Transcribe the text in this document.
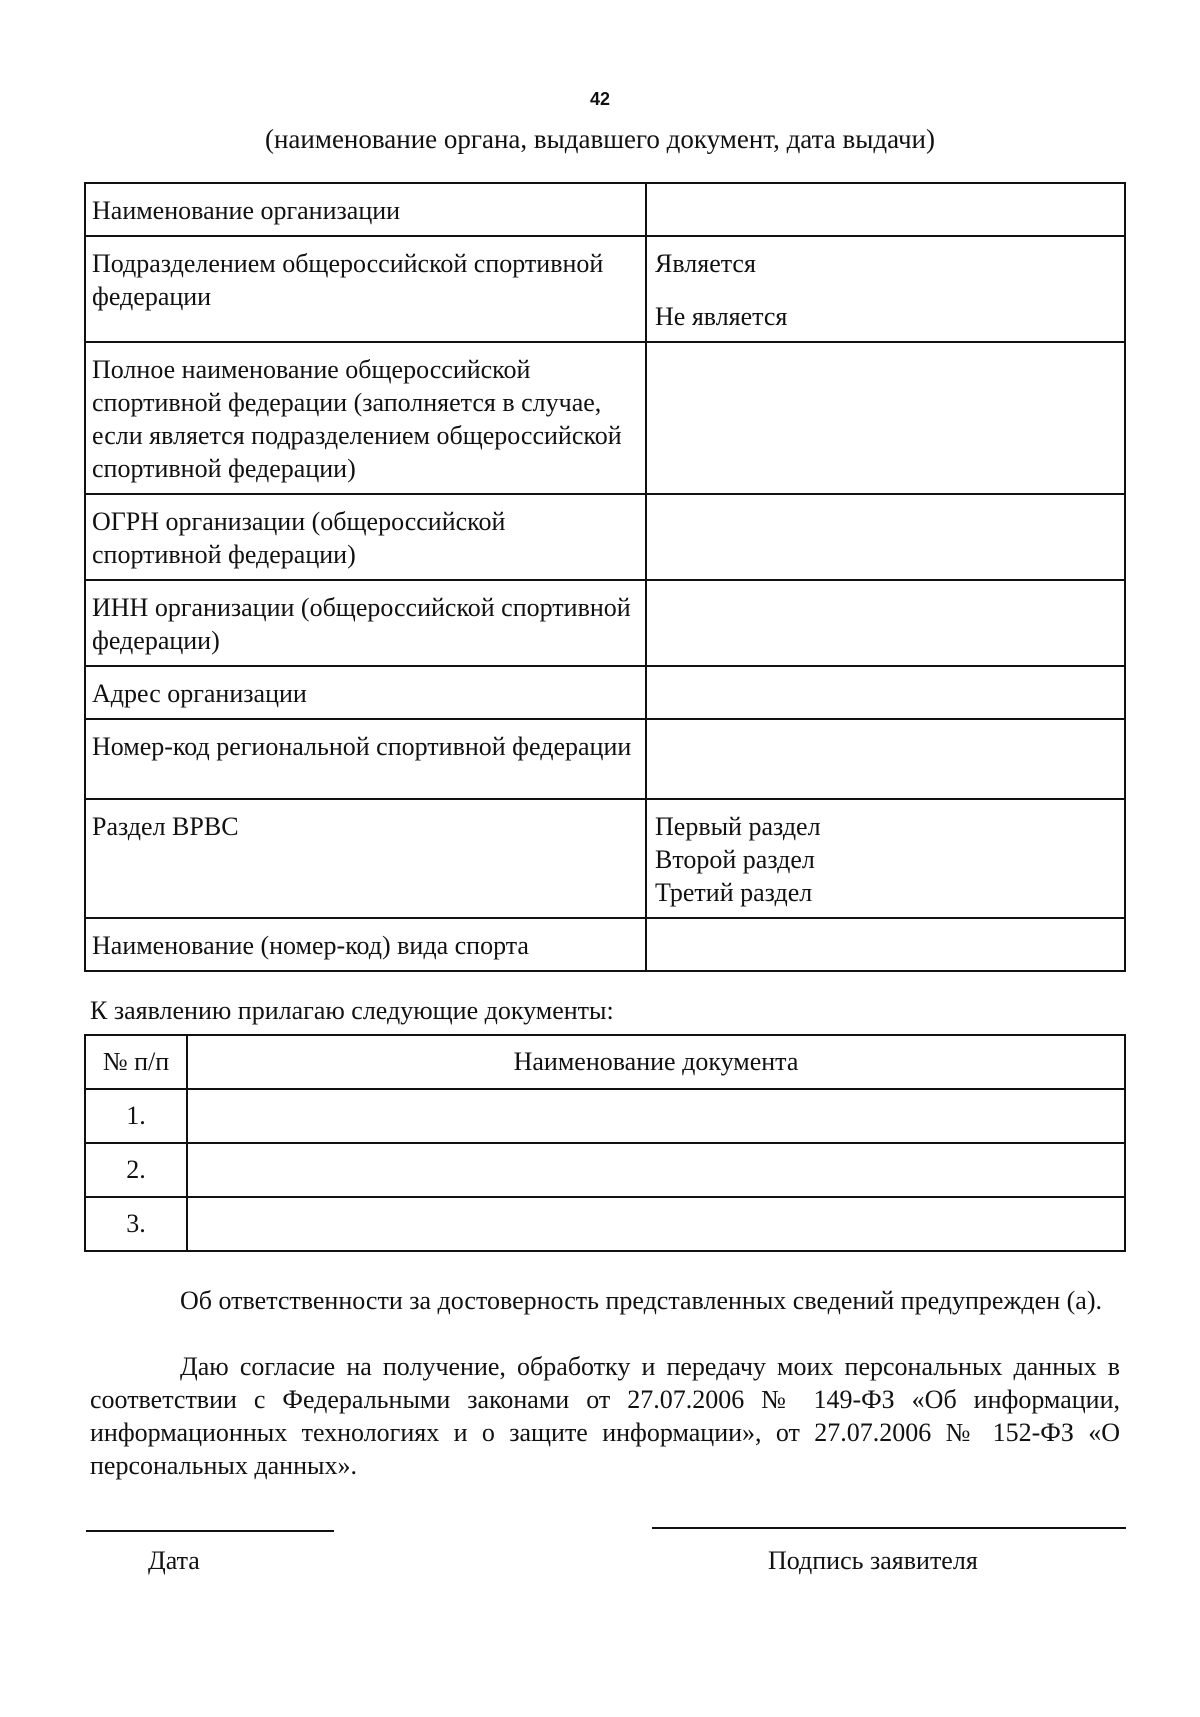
42
(наименование органа, выдавшего документ, дата выдачи)
Наименование организации	
Подразделением общероссийской спортивной федерации	Является
Не является

Полное наименование общероссийской спортивной федерации (заполняется в случае, если является подразделением общероссийской спортивной федерации)	
ОГРН организации (общероссийской спортивной федерации)	
ИНН организации (общероссийской спортивной федерации)	
Адрес организации	
Номер-код региональной спортивной федерации	
Раздел ВРВС	Первый раздел
Второй раздел
Третий раздел

Наименование (номер-код) вида спорта	
К заявлению прилагаю следующие документы:
№ п/п	Наименование документа
1.	
2.	
3.	
Об ответственности за достоверность представленных сведений предупрежден (а).
Даю согласие на получение, обработку и передачу моих персональных данных в соответствии с Федеральными законами от 27.07.2006 № 149-ФЗ «Об информации, информационных технологиях и о защите информации», от 27.07.2006 № 152-ФЗ «О персональных данных».
Дата	Подпись заявителя
